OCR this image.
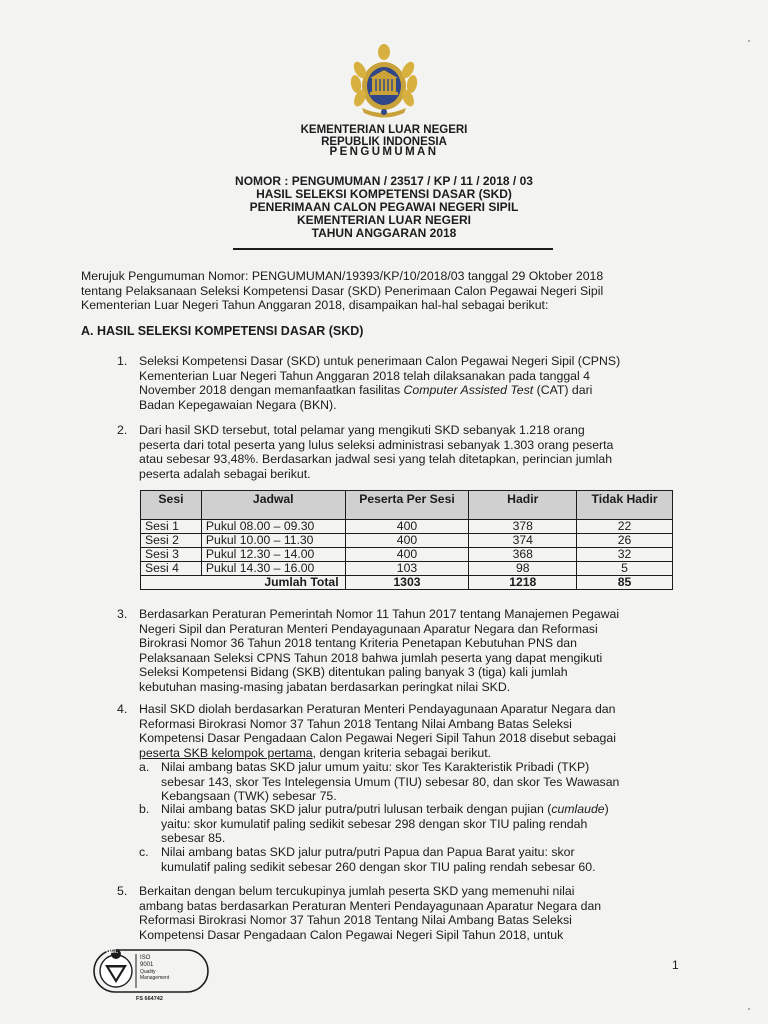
KEMENTERIAN LUAR NEGERI
REPUBLIK INDONESIA
PENGUMUMAN
NOMOR : PENGUMUMAN / 23517 / KP / 11 / 2018 / 03
HASIL SELEKSI KOMPETENSI DASAR (SKD)
PENERIMAAN CALON PEGAWAI NEGERI SIPIL
KEMENTERIAN LUAR NEGERI
TAHUN ANGGARAN 2018
Merujuk Pengumuman Nomor: PENGUMUMAN/19393/KP/10/2018/03 tanggal 29 Oktober 2018
tentang Pelaksanaan Seleksi Kompetensi Dasar (SKD) Penerimaan Calon Pegawai Negeri Sipil
Kementerian Luar Negeri Tahun Anggaran 2018, disampaikan hal-hal sebagai berikut:
A. HASIL SELEKSI KOMPETENSI DASAR (SKD)
1. Seleksi Kompetensi Dasar (SKD) untuk penerimaan Calon Pegawai Negeri Sipil (CPNS)
Kementerian Luar Negeri Tahun Anggaran 2018 telah dilaksanakan pada tanggal 4
November 2018 dengan memanfaatkan fasilitas Computer Assisted Test (CAT) dari
Badan Kepegawaian Negara (BKN).
2. Dari hasil SKD tersebut, total pelamar yang mengikuti SKD sebanyak 1.218 orang
peserta dari total peserta yang lulus seleksi administrasi sebanyak 1.303 orang peserta
atau sebesar 93,48%. Berdasarkan jadwal sesi yang telah ditetapkan, perincian jumlah
peserta adalah sebagai berikut.
Sesi	Jadwal	Peserta Per Sesi	Hadir	Tidak Hadir
Sesi 1	Pukul 08.00 – 09.30	400	378	22
Sesi 2	Pukul 10.00 – 11.30	400	374	26
Sesi 3	Pukul 12.30 – 14.00	400	368	32
Sesi 4	Pukul 14.30 – 16.00	103	98	5
Jumlah Total		1303	1218	85
3. Berdasarkan Peraturan Pemerintah Nomor 11 Tahun 2017 tentang Manajemen Pegawai
Negeri Sipil dan Peraturan Menteri Pendayagunaan Aparatur Negara dan Reformasi
Birokrasi Nomor 36 Tahun 2018 tentang Kriteria Penetapan Kebutuhan PNS dan
Pelaksanaan Seleksi CPNS Tahun 2018 bahwa jumlah peserta yang dapat mengikuti
Seleksi Kompetensi Bidang (SKB) ditentukan paling banyak 3 (tiga) kali jumlah
kebutuhan masing-masing jabatan berdasarkan peringkat nilai SKD.
4. Hasil SKD diolah berdasarkan Peraturan Menteri Pendayagunaan Aparatur Negara dan
Reformasi Birokrasi Nomor 37 Tahun 2018 Tentang Nilai Ambang Batas Seleksi
Kompetensi Dasar Pengadaan Calon Pegawai Negeri Sipil Tahun 2018 disebut sebagai
peserta SKB kelompok pertama, dengan kriteria sebagai berikut.
a. Nilai ambang batas SKD jalur umum yaitu: skor Tes Karakteristik Pribadi (TKP)
sebesar 143, skor Tes Intelegensia Umum (TIU) sebesar 80, dan skor Tes Wawasan
Kebangsaan (TWK) sebesar 75.
b. Nilai ambang batas SKD jalur putra/putri lulusan terbaik dengan pujian (cumlaude)
yaitu: skor kumulatif paling sedikit sebesar 298 dengan skor TIU paling rendah
sebesar 85.
c. Nilai ambang batas SKD jalur putra/putri Papua dan Papua Barat yaitu: skor
kumulatif paling sedikit sebesar 260 dengan skor TIU paling rendah sebesar 60.
5. Berkaitan dengan belum tercukupinya jumlah peserta SKD yang memenuhi nilai
ambang batas berdasarkan Peraturan Menteri Pendayagunaan Aparatur Negara dan
Reformasi Birokrasi Nomor 37 Tahun 2018 Tentang Nilai Ambang Batas Seleksi
Kompetensi Dasar Pengadaan Calon Pegawai Negeri Sipil Tahun 2018, untuk
bsi.
ISO
9001
Quality
Management
FS 664742
1
